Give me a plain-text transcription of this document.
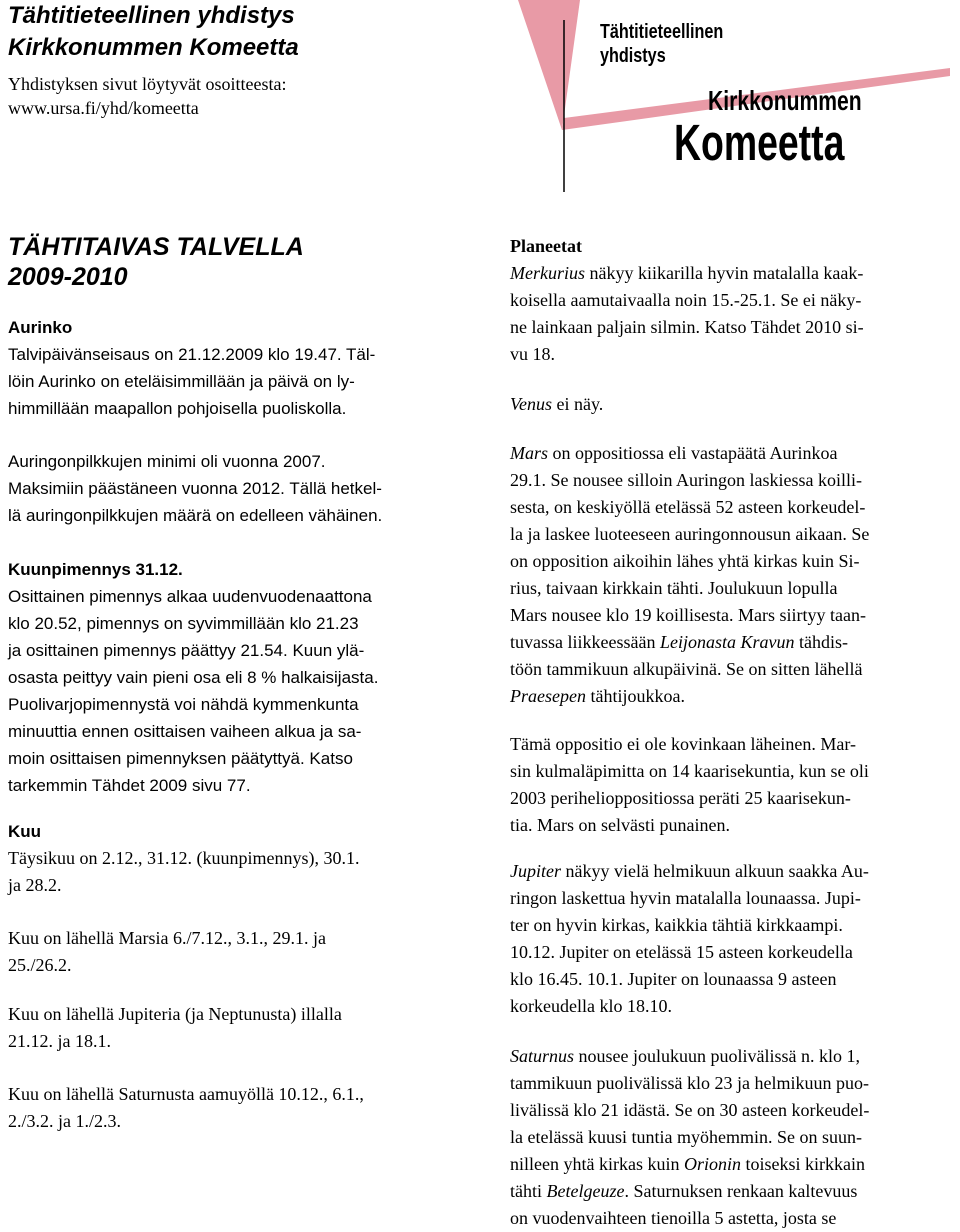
Tähtitieteellinen yhdistys
Kirkkonummen Komeetta
Yhdistyksen sivut löytyvät osoitteesta:
www.ursa.fi/yhd/komeetta
Tähtitieteellinen
yhdistys
Kirkkonummen
Komeetta
TÄHTITAIVAS TALVELLA
2009-2010
Aurinko
Talvipäivänseisaus on 21.12.2009 klo 19.47. Täl-
löin Aurinko on eteläisimmillään ja päivä on ly-
himmillään maapallon pohjoisella puoliskolla.
Auringonpilkkujen minimi oli vuonna 2007.
Maksimiin päästäneen vuonna 2012. Tällä hetkel-
lä auringonpilkkujen määrä on edelleen vähäinen.
Kuunpimennys 31.12.
Osittainen pimennys alkaa uudenvuodenaattona
klo 20.52, pimennys on syvimmillään klo 21.23
ja osittainen pimennys päättyy 21.54. Kuun ylä-
osasta peittyy vain pieni osa eli 8 % halkaisijasta.
Puolivarjopimennystä voi nähdä kymmenkunta
minuuttia ennen osittaisen vaiheen alkua ja sa-
moin osittaisen pimennyksen päätyttyä. Katso
tarkemmin Tähdet 2009 sivu 77.
Kuu
Täysikuu on 2.12., 31.12. (kuunpimennys), 30.1.
ja 28.2.
Kuu on lähellä Marsia 6./7.12., 3.1., 29.1. ja
25./26.2.
Kuu on lähellä Jupiteria (ja Neptunusta) illalla
21.12. ja 18.1.
Kuu on lähellä Saturnusta aamuyöllä 10.12., 6.1.,
2./3.2. ja 1./2.3.
Planeetat
Merkurius näkyy kiikarilla hyvin matalalla kaak-
koisella aamutaivaalla noin 15.-25.1. Se ei näky-
ne lainkaan paljain silmin. Katso Tähdet 2010 si-
vu 18.
Venus ei näy.
Mars on oppositiossa eli vastapäätä Aurinkoa
29.1. Se nousee silloin Auringon laskiessa koilli-
sesta, on keskiyöllä etelässä 52 asteen korkeudel-
la ja laskee luoteeseen auringonnousun aikaan. Se
on opposition aikoihin lähes yhtä kirkas kuin Si-
rius, taivaan kirkkain tähti. Joulukuun lopulla
Mars nousee klo 19 koillisesta. Mars siirtyy taan-
tuvassa liikkeessään Leijonasta Kravun tähdis-
töön tammikuun alkupäivinä. Se on sitten lähellä
Praesepen tähtijoukkoa.
Tämä oppositio ei ole kovinkaan läheinen. Mar-
sin kulmaläpimitta on 14 kaarisekuntia, kun se oli
2003 perihelioppositiossa peräti 25 kaarisekun-
tia. Mars on selvästi punainen.
Jupiter näkyy vielä helmikuun alkuun saakka Au-
ringon laskettua hyvin matalalla lounaassa. Jupi-
ter on hyvin kirkas, kaikkia tähtiä kirkkaampi.
10.12. Jupiter on etelässä 15 asteen korkeudella
klo 16.45. 10.1. Jupiter on lounaassa 9 asteen
korkeudella klo 18.10.
Saturnus nousee joulukuun puolivälissä n. klo 1,
tammikuun puolivälissä klo 23 ja helmikuun puo-
livälissä klo 21 idästä. Se on 30 asteen korkeudel-
la etelässä kuusi tuntia myöhemmin. Se on suun-
nilleen yhtä kirkas kuin Orionin toiseksi kirkkain
tähti Betelgeuze. Saturnuksen renkaan kaltevuus
on vuodenvaihteen tienoilla 5 astetta, josta se
